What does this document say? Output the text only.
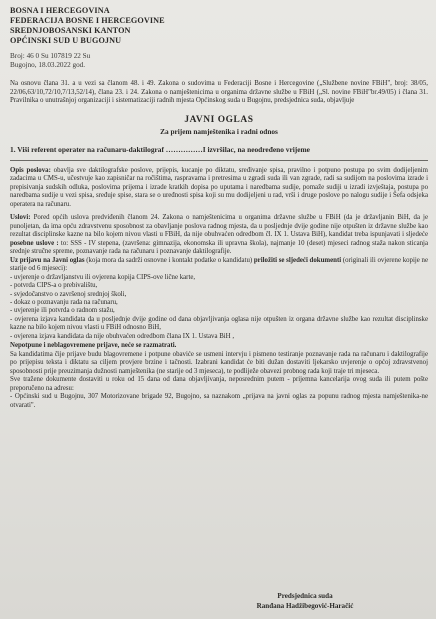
BOSNA I HERCEGOVINA
FEDERACIJA BOSNE I HERCEGOVINE
SREDNJOBOSANSKI KANTON
OPĆINSKI SUD U BUGOJNU
Broj: 46 0 Su 107819 22 Su
Bugojno, 18.03.2022 god.

Na osnovu člana 31. a u vezi sa članom 48. i 49. Zakona o sudovima u Federaciji Bosne i Hercegovine („Službene novine FBiH", broj: 38/05, 22/06,63/10,72/10,7/13,52/14), člana 23. i 24. Zakona o namještenicima u organima državne službe u FBiH („Sl. novine FBiH"br.49/05) i člana 31. Pravilnika o unutrašnjoj organizaciji i sistematizaciji radnih mjesta Općinskog suda u Bugojnu, predsjednica suda, objavljuje

JAVNI OGLAS
Za prijem namještenika i radni odnos
1. Viši referent operater na računaru-daktilograf ……………I izvršilac, na neodređeno vrijeme

Opis poslova: obavlja sve daktilografske poslove, prijepis, kucanje po diktatu, sređivanje spisa, pravilno i potpuno postupa po svim dodijeljenim zadacima u CMS-u, učestvuje kao zapisničar na ročištima, raspravama i pretresima u zgradi suda ili van zgrade, radi sa sudijom na poslovima izrade i prepisivanja sudskih odluka, poslovima prijema i izrade kratkih dopisa po uputama i naredbama sudije, pomaže sudiji u izradi izvještaja, postupa po naredbama sudije u vezi spisa, sređuje spise, stara se o uređnosti spisa koji su mu dodijeljeni u rad, vrši i druge poslove po nalogu sudije i Šefa odsjeka operatera na računaru.

Uslovi: Pored općih uslova predviđenih članom 24. Zakona o namještenicima u organima državne službe u FBiH (da je državljanin BiH, da je punoljetan, da ima opću zdravstvenu sposobnost za obavljanje poslova radnog mjesta, da u posljednje dvije godine nije otpušten iz državne službe kao rezultat disciplinske kazne na bilo kojem nivou vlasti u FBiH, da nije obuhvaćen odredbom čl. IX 1. Ustava BiH), kandidat treba ispunjavati i sljedeće posebne uslove : to: SSS - IV stepena, (završena: gimnazija, ekonomska ili upravna škola), najmanje 10 (deset) mjeseci radnog staža nakon sticanja srednje stručne spreme, poznavanje rada na računaru i poznavanje daktilografije.

Uz prijavu na Javni oglas (koja mora da sadrži osnovne i kontakt podatke o kandidatu) priložiti se sljedeći dokumenti (originali ili ovjerene kopije ne starije od 6 mjeseci):

- uvjerenje o državljanstvu ili ovjerena kopija CIPS-ove lične karte,
- potvrda CIPS-a o prebivalištu,
- svjedočanstvo o završenoj srednjoj školi,
- dokaz o poznavanju rada na računaru,
- uvjerenje ili potvrda o radnom stažu,
- ovjerena izjava kandidata da u posljednje dvije godine od dana objavljivanja oglasa nije otpušten iz organa državne službe kao rezultat disciplinske kazne na bilo kojem nivou vlasti u FBiH odnosno BiH,
- ovjerena izjava kandidata da nije obuhvaćen odredbom člana IX 1. Ustava BiH ,

Nepotpune i neblagovremene prijave, neće se razmatrati.

Sa kandidatima čije prijave budu blagovremene i potpune obaviće se usmeni intervju i pismeno testiranje poznavanje rada na računaru i daktilografije po prijepisu teksta i diktatu sa ciljem provjere brzine i tačnosti. Izabrani kandidat će biti dužan dostaviti ljekarsko uvjerenje o općoj zdravstvenoj sposobnosti prije preuzimanja dužnosti namještenika (ne starije od 3 mjeseca), te podliježe obavezi probnog rada koji traje tri mjeseca.

Sve tražene dokumente dostaviti u roku od 15 dana od dana objavljivanja, neposrednim putem - prijemna kancelarija ovog suda ili putem pošte preporučeno na adresu:

- Općinski sud u Bugojnu, 307 Motorizovane brigade 92, Bugojno, sa naznakom „prijava na javni oglas za popunu radnog mjesta namještenika-ne otvarati".

Predsjednica suda
Ranđana Hadžibegović-Haračić
